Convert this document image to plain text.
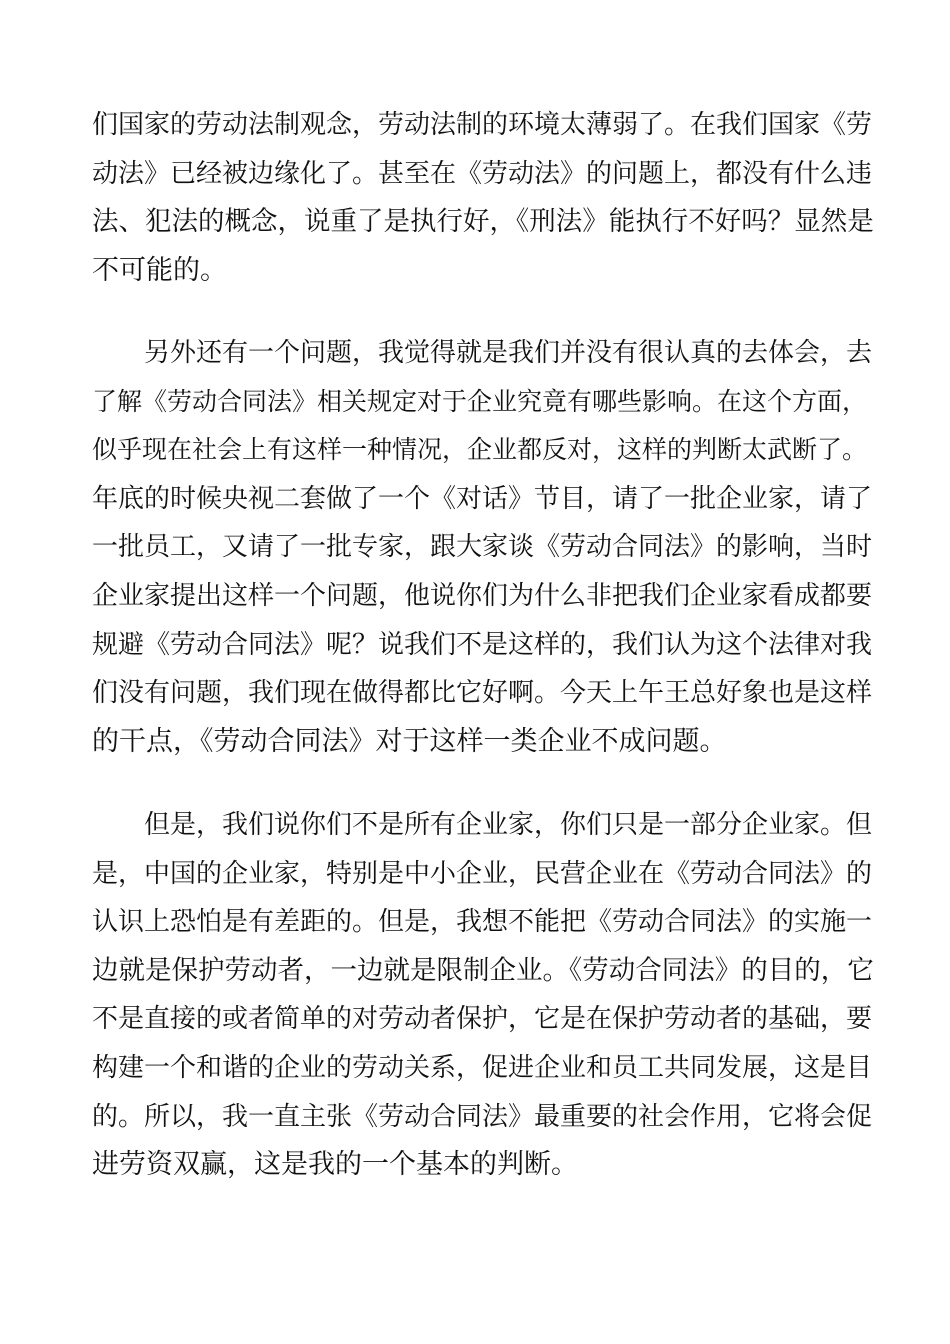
们国家的劳动法制观念，劳动法制的环境太薄弱了。在我们国家《劳
动法》已经被边缘化了。甚至在《劳动法》的问题上，都没有什么违
法、犯法的概念，说重了是执行好，《刑法》能执行不好吗？显然是
不可能的。
另外还有一个问题，我觉得就是我们并没有很认真的去体会，去
了解《劳动合同法》相关规定对于企业究竟有哪些影响。在这个方面，
似乎现在社会上有这样一种情况，企业都反对，这样的判断太武断了。
年底的时候央视二套做了一个《对话》节目，请了一批企业家，请了
一批员工，又请了一批专家，跟大家谈《劳动合同法》的影响，当时
企业家提出这样一个问题，他说你们为什么非把我们企业家看成都要
规避《劳动合同法》呢？说我们不是这样的，我们认为这个法律对我
们没有问题，我们现在做得都比它好啊。今天上午王总好象也是这样
的干点，《劳动合同法》对于这样一类企业不成问题。
但是，我们说你们不是所有企业家，你们只是一部分企业家。但
是，中国的企业家，特别是中小企业，民营企业在《劳动合同法》的
认识上恐怕是有差距的。但是，我想不能把《劳动合同法》的实施一
边就是保护劳动者，一边就是限制企业。《劳动合同法》的目的，它
不是直接的或者简单的对劳动者保护，它是在保护劳动者的基础，要
构建一个和谐的企业的劳动关系，促进企业和员工共同发展，这是目
的。所以，我一直主张《劳动合同法》最重要的社会作用，它将会促
进劳资双赢，这是我的一个基本的判断。
